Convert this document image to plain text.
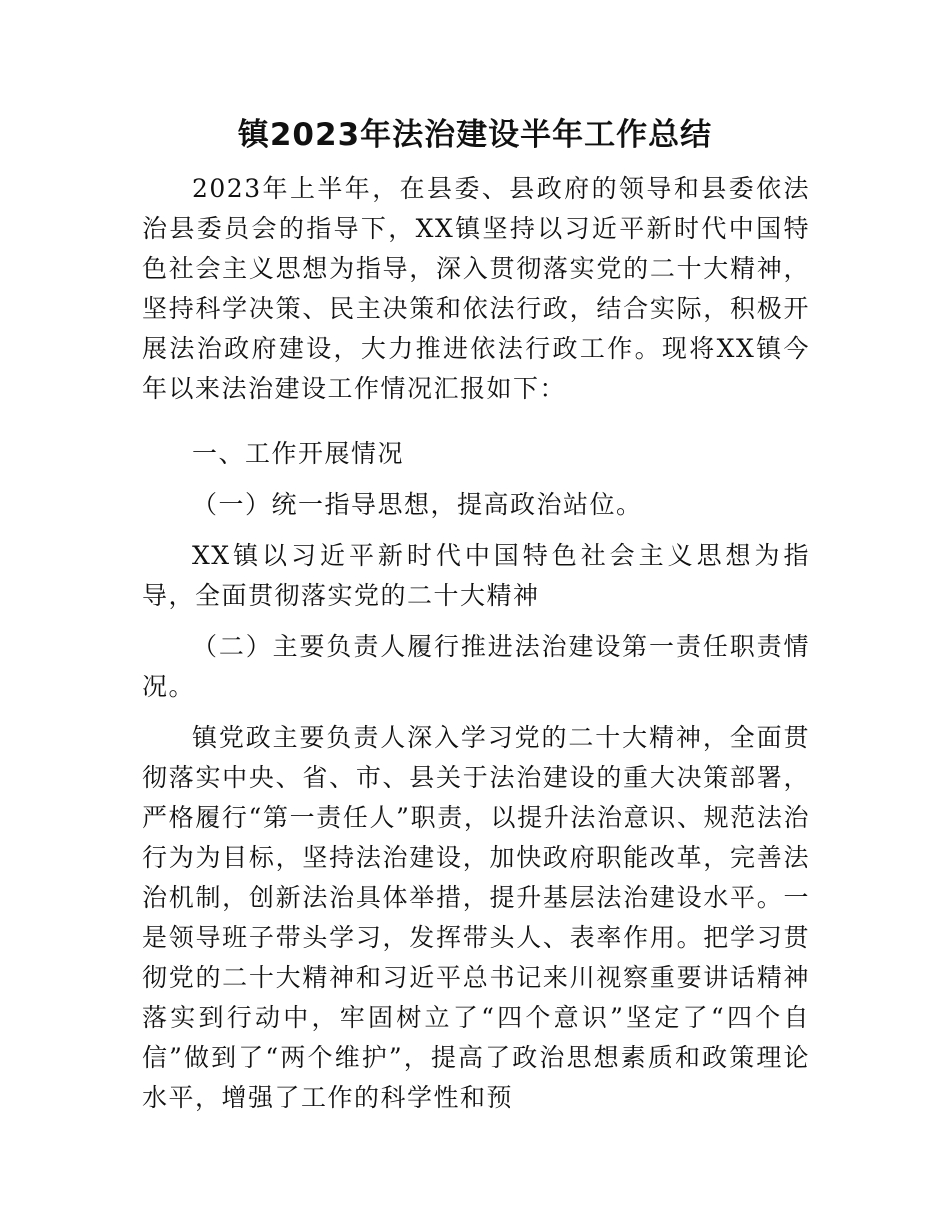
镇2023年法治建设半年工作总结

2023年上半年，在县委、县政府的领导和县委依法治县委员会的指导下，XX镇坚持以习近平新时代中国特色社会主义思想为指导，深入贯彻落实党的二十大精神，坚持科学决策、民主决策和依法行政，结合实际，积极开展法治政府建设，大力推进依法行政工作。现将XX镇今年以来法治建设工作情况汇报如下：

一、工作开展情况

（一）统一指导思想，提高政治站位。

XX镇以习近平新时代中国特色社会主义思想为指导，全面贯彻落实党的二十大精神

（二）主要负责人履行推进法治建设第一责任职责情况。

镇党政主要负责人深入学习党的二十大精神，全面贯彻落实中央、省、市、县关于法治建设的重大决策部署，严格履行“第一责任人”职责，以提升法治意识、规范法治行为为目标，坚持法治建设，加快政府职能改革，完善法治机制，创新法治具体举措，提升基层法治建设水平。一是领导班子带头学习，发挥带头人、表率作用。把学习贯彻党的二十大精神和习近平总书记来川视察重要讲话精神落实到行动中，牢固树立了“四个意识”坚定了“四个自信”做到了“两个维护”，提高了政治思想素质和政策理论水平，增强了工作的科学性和预
